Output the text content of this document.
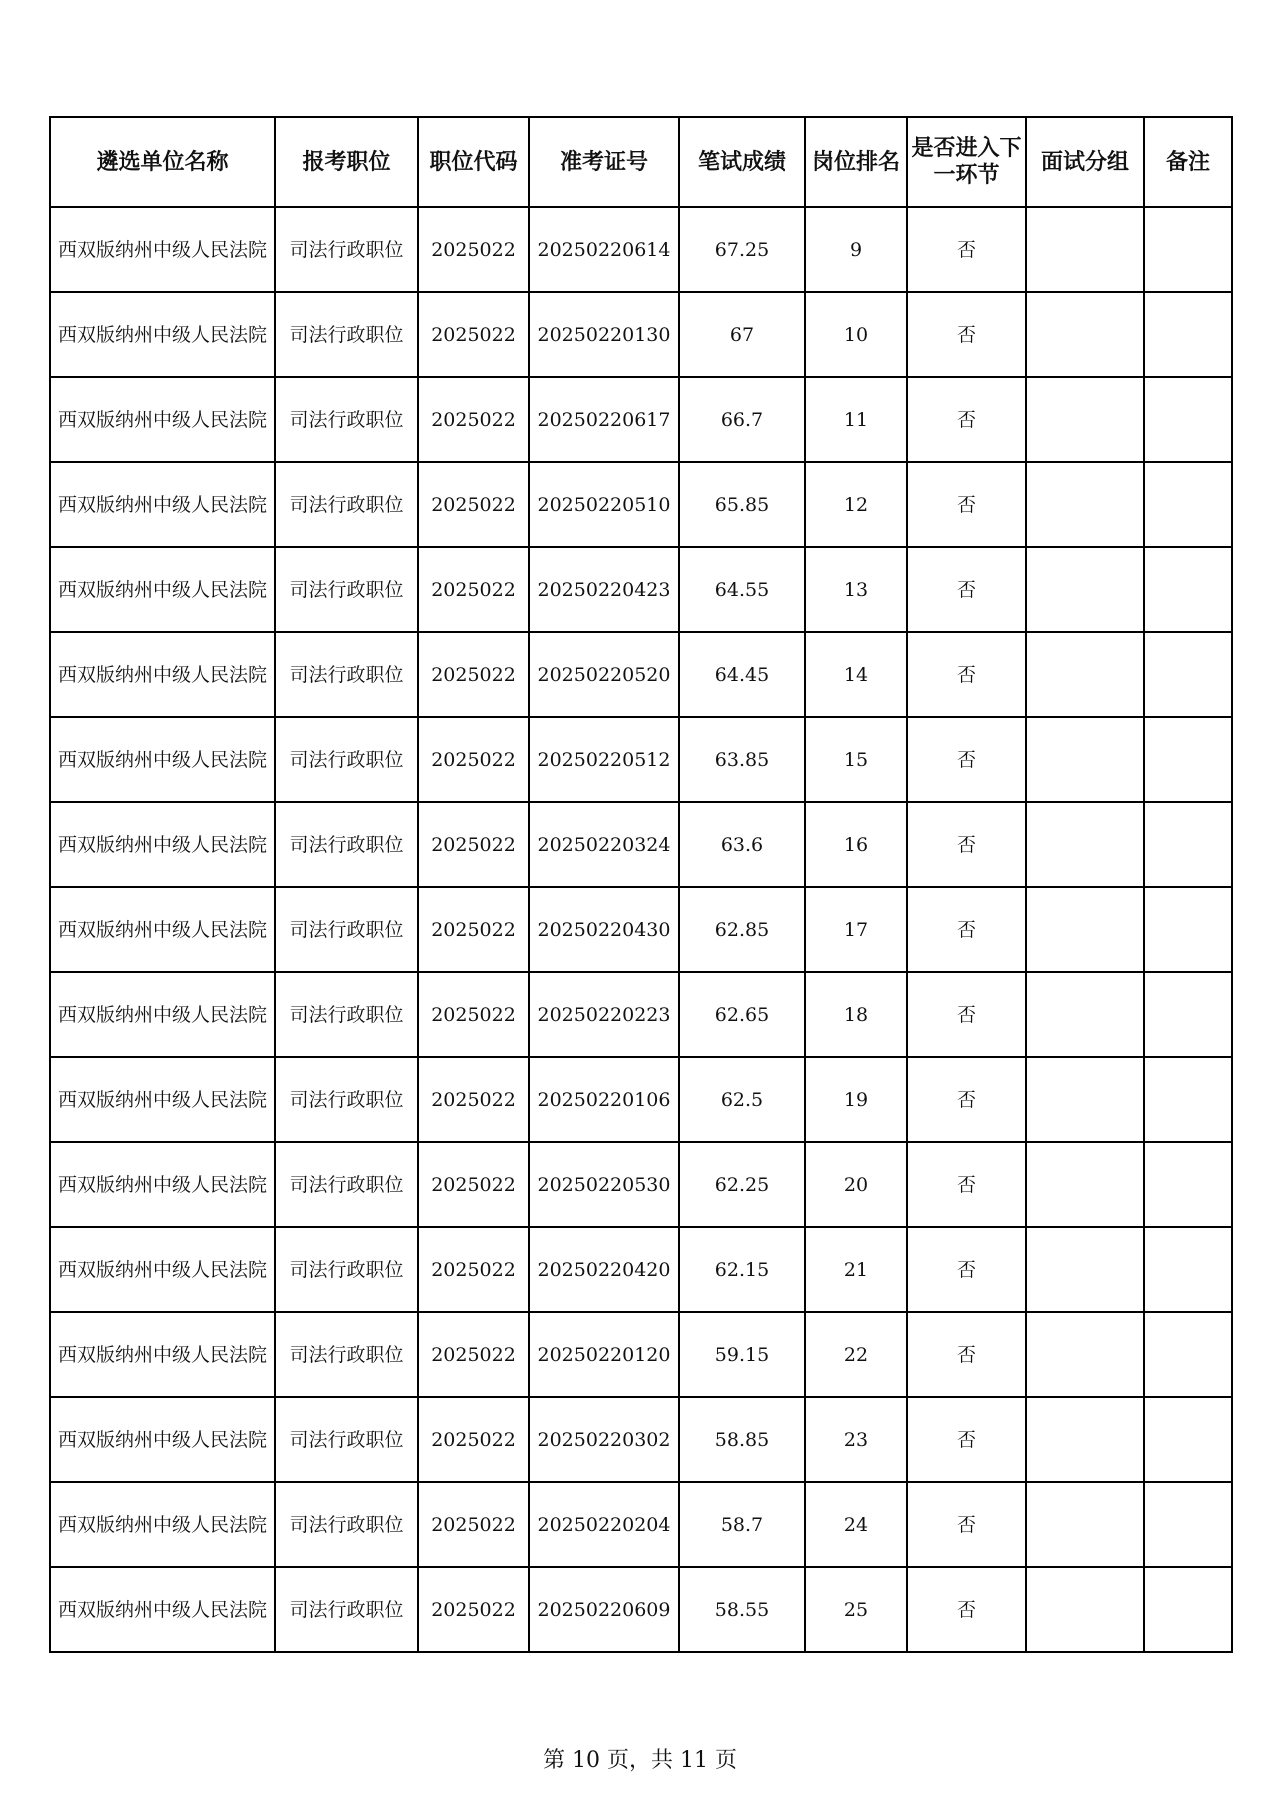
遴选单位名称	报考职位	职位代码	准考证号	笔试成绩	岗位排名	是否进入下一环节	面试分组	备注
西双版纳州中级人民法院	司法行政职位	2025022	20250220614	67.25	9	否		
西双版纳州中级人民法院	司法行政职位	2025022	20250220130	67	10	否		
西双版纳州中级人民法院	司法行政职位	2025022	20250220617	66.7	11	否		
西双版纳州中级人民法院	司法行政职位	2025022	20250220510	65.85	12	否		
西双版纳州中级人民法院	司法行政职位	2025022	20250220423	64.55	13	否		
西双版纳州中级人民法院	司法行政职位	2025022	20250220520	64.45	14	否		
西双版纳州中级人民法院	司法行政职位	2025022	20250220512	63.85	15	否		
西双版纳州中级人民法院	司法行政职位	2025022	20250220324	63.6	16	否		
西双版纳州中级人民法院	司法行政职位	2025022	20250220430	62.85	17	否		
西双版纳州中级人民法院	司法行政职位	2025022	20250220223	62.65	18	否		
西双版纳州中级人民法院	司法行政职位	2025022	20250220106	62.5	19	否		
西双版纳州中级人民法院	司法行政职位	2025022	20250220530	62.25	20	否		
西双版纳州中级人民法院	司法行政职位	2025022	20250220420	62.15	21	否		
西双版纳州中级人民法院	司法行政职位	2025022	20250220120	59.15	22	否		
西双版纳州中级人民法院	司法行政职位	2025022	20250220302	58.85	23	否		
西双版纳州中级人民法院	司法行政职位	2025022	20250220204	58.7	24	否		
西双版纳州中级人民法院	司法行政职位	2025022	20250220609	58.55	25	否		
第 10 页，共 11 页
